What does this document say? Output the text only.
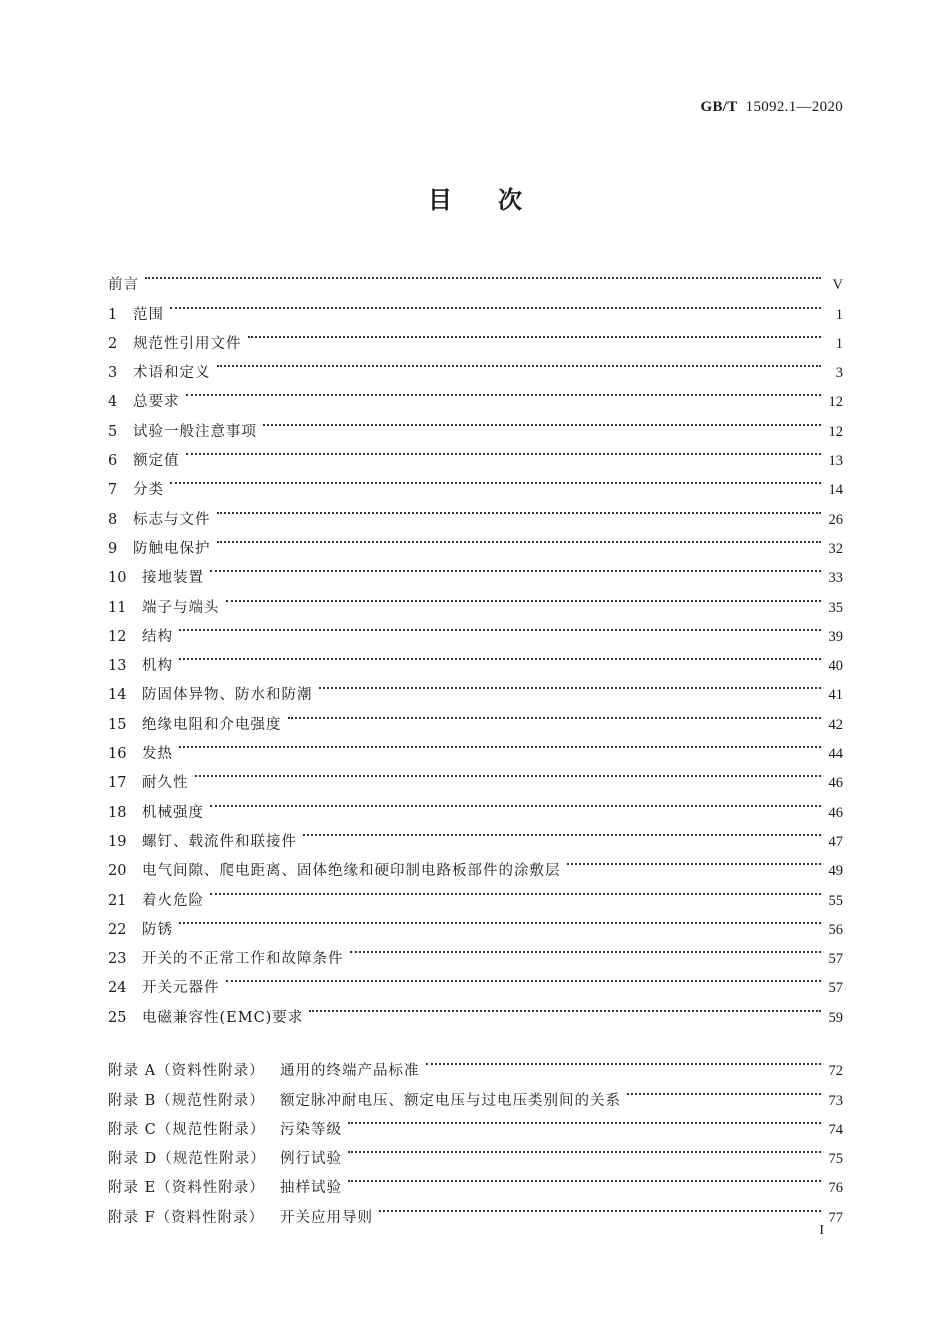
GB/T 15092.1—2020
目 次
前言	V
1	范围	1
2	规范性引用文件	1
3	术语和定义	3
4	总要求	12
5	试验一般注意事项	12
6	额定值	13
7	分类	14
8	标志与文件	26
9	防触电保护	32
10	接地装置	33
11	端子与端头	35
12	结构	39
13	机构	40
14	防固体异物、防水和防潮	41
15	绝缘电阻和介电强度	42
16	发热	44
17	耐久性	46
18	机械强度	46
19	螺钉、载流件和联接件	47
20	电气间隙、爬电距离、固体绝缘和硬印制电路板部件的涂敷层	49
21	着火危险	55
22	防锈	56
23	开关的不正常工作和故障条件	57
24	开关元器件	57
25	电磁兼容性(EMC)要求	59
附录 A（资料性附录）	通用的终端产品标准	72
附录 B（规范性附录）	额定脉冲耐电压、额定电压与过电压类别间的关系	73
附录 C（规范性附录）	污染等级	74
附录 D（规范性附录） 例行试验	75
附录 E（资料性附录）	抽样试验	76
附录 F（资料性附录）	开关应用导则	77
I
